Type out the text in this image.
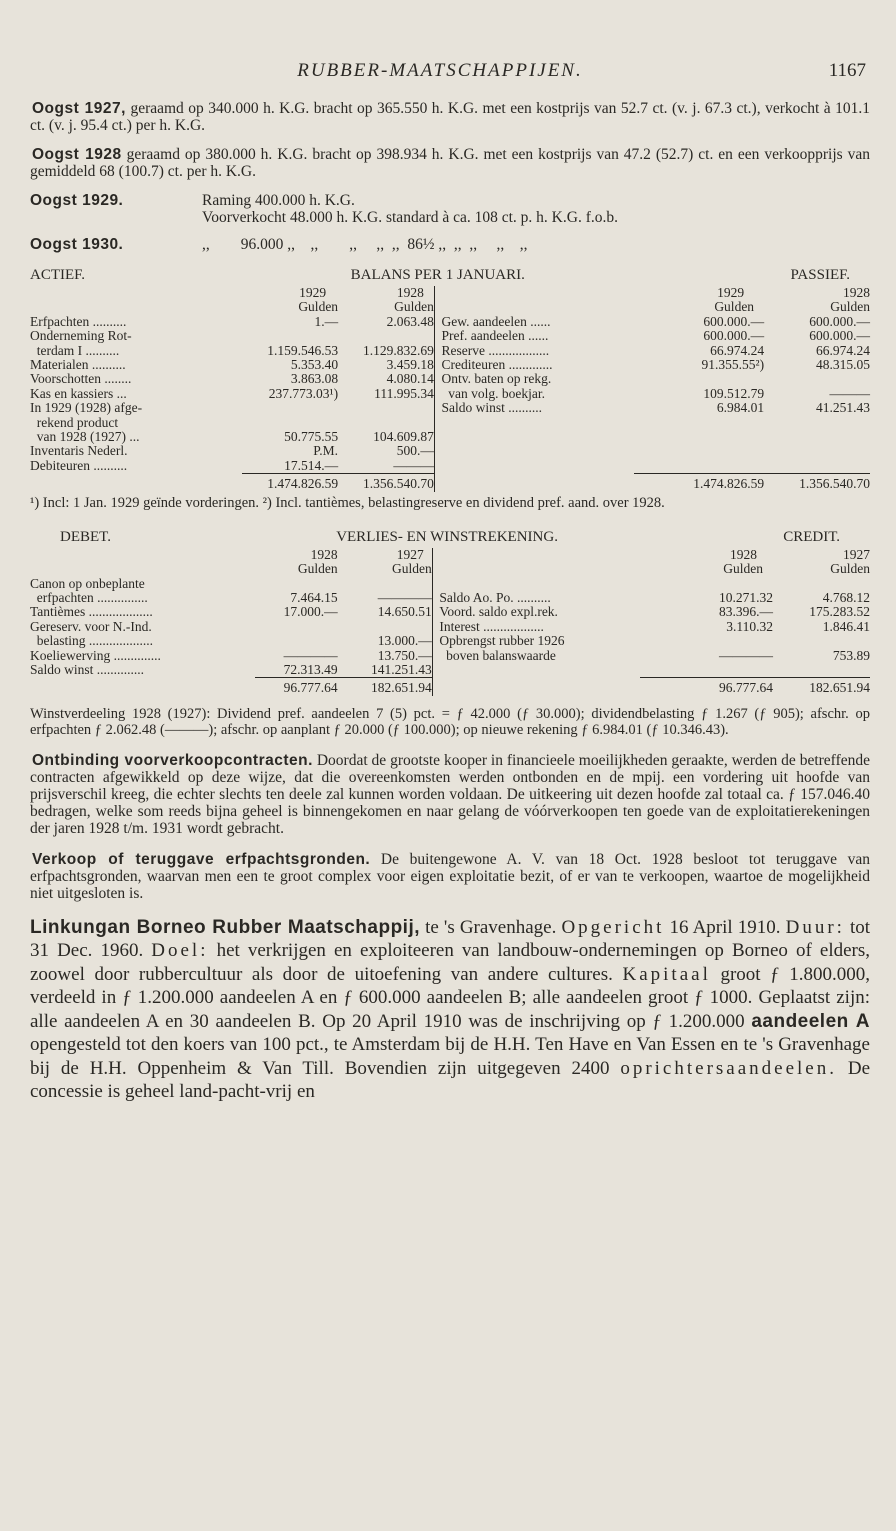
RUBBER-MAATSCHAPPIJEN.	1167

Oogst 1927, geraamd op 340.000 h. K.G. bracht op 365.550 h. K.G. met een kostprijs van 52.7 ct. (v. j. 67.3 ct.), verkocht à 101.1 ct. (v. j. 95.4 ct.) per h. K.G.

Oogst 1928 geraamd op 380.000 h. K.G. bracht op 398.934 h. K.G. met een kostprijs van 47.2 (52.7) ct. en een verkoopprijs van gemiddeld 68 (100.7) ct. per h. K.G.

Oogst 1929.	Raming 400.000 h. K.G.
Voorverkocht 48.000 h. K.G. standard à ca. 108 ct. p. h. K.G. f.o.b.
Oogst 1930.	,,        96.000 ,,    ,,        ,,     ,,  ,,  86½ ,,  ,,  ,,     ,,    ,,
ACTIEF.	BALANS PER 1 JANUARI.	PASSIEF.
	1929	1928			1929	1928
	Gulden	Gulden			Gulden	Gulden
Erfpachten ..........	1.—	2.063.48		Gew. aandeelen ......	600.000.—	600.000.—
Onderneming Rot-				Pref. aandeelen ......	600.000.—	600.000.—
terdam I ..........	1.159.546.53	1.129.832.69		Reserve ..................	66.974.24	66.974.24
Materialen ..........	5.353.40	3.459.18		Crediteuren .............	91.355.55²)	48.315.05
Voorschotten ........	3.863.08	4.080.14		Ontv. baten op rekg.		
Kas en kassiers ...	237.773.03¹)	111.995.34		van volg. boekjar.	109.512.79	———
In 1929 (1928) afge-				Saldo winst ..........	6.984.01	41.251.43
rekend product						
van 1928 (1927) ...	50.775.55	104.609.87				
Inventaris Nederl.	P.M.	500.—				
Debiteuren ..........	17.514.—	———				
	1.474.826.59	1.356.540.70			1.474.826.59	1.356.540.70

¹) Incl: 1 Jan. 1929 geïnde vorderingen. ²) Incl. tantièmes, belastingreserve en dividend pref. aand. over 1928.

DEBET.	VERLIES- EN WINSTREKENING.	CREDIT.
	1928	1927			1928	1927
	Gulden	Gulden			Gulden	Gulden
Canon op onbeplante						
erfpachten ...............	7.464.15	————		Saldo Ao. Po. ..........	10.271.32	4.768.12
Tantièmes ...................	17.000.—	14.650.51		Voord. saldo expl.rek.	83.396.—	175.283.52
Gereserv. voor N.-Ind.				Interest ..................	3.110.32	1.846.41
belasting ...................		13.000.—		Opbrengst rubber 1926		
Koeliewerving ..............	————	13.750.—		boven balanswaarde	————	753.89
Saldo winst ..............	72.313.49	141.251.43				
	96.777.64	182.651.94			96.777.64	182.651.94

Winstverdeeling 1928 (1927): Dividend pref. aandeelen 7 (5) pct. = ƒ 42.000 (ƒ 30.000); dividendbelasting ƒ 1.267 (ƒ 905); afschr. op erfpachten ƒ 2.062.48 (———); afschr. op aanplant ƒ 20.000 (ƒ 100.000); op nieuwe rekening ƒ 6.984.01 (ƒ 10.346.43).

Ontbinding voorverkoopcontracten. Doordat de grootste kooper in financieele moeilijkheden geraakte, werden de betreffende contracten afgewikkeld op deze wijze, dat die overeenkomsten werden ontbonden en de mpij. een vordering uit hoofde van prijsverschil kreeg, die echter slechts ten deele zal kunnen worden voldaan. De uitkeering uit dezen hoofde zal totaal ca. ƒ 157.046.40 bedragen, welke som reeds bijna geheel is binnengekomen en naar gelang de vóórverkoopen ten goede van de exploitatierekeningen der jaren 1928 t/m. 1931 wordt gebracht.

Verkoop of teruggave erfpachtsgronden. De buitengewone A. V. van 18 Oct. 1928 besloot tot teruggave van erfpachtsgronden, waarvan men een te groot complex voor eigen exploitatie bezit, of er van te verkoopen, waartoe de mogelijkheid niet uitgesloten is.

Linkungan Borneo Rubber Maatschappij, te 's Gravenhage. Opgericht 16 April 1910. Duur: tot 31 Dec. 1960. Doel: het verkrijgen en exploiteeren van landbouw-ondernemingen op Borneo of elders, zoowel door rubbercultuur als door de uitoefening van andere cultures. Kapitaal groot ƒ 1.800.000, verdeeld in ƒ 1.200.000 aandeelen A en ƒ 600.000 aandeelen B; alle aandeelen groot ƒ 1000. Geplaatst zijn: alle aandeelen A en 30 aandeelen B. Op 20 April 1910 was de inschrijving op ƒ 1.200.000 aandeelen A opengesteld tot den koers van 100 pct., te Amsterdam bij de H.H. Ten Have en Van Essen en te 's Gravenhage bij de H.H. Oppenheim & Van Till. Bovendien zijn uitgegeven 2400 oprichtersaandeelen. De concessie is geheel land-pacht-vrij en
